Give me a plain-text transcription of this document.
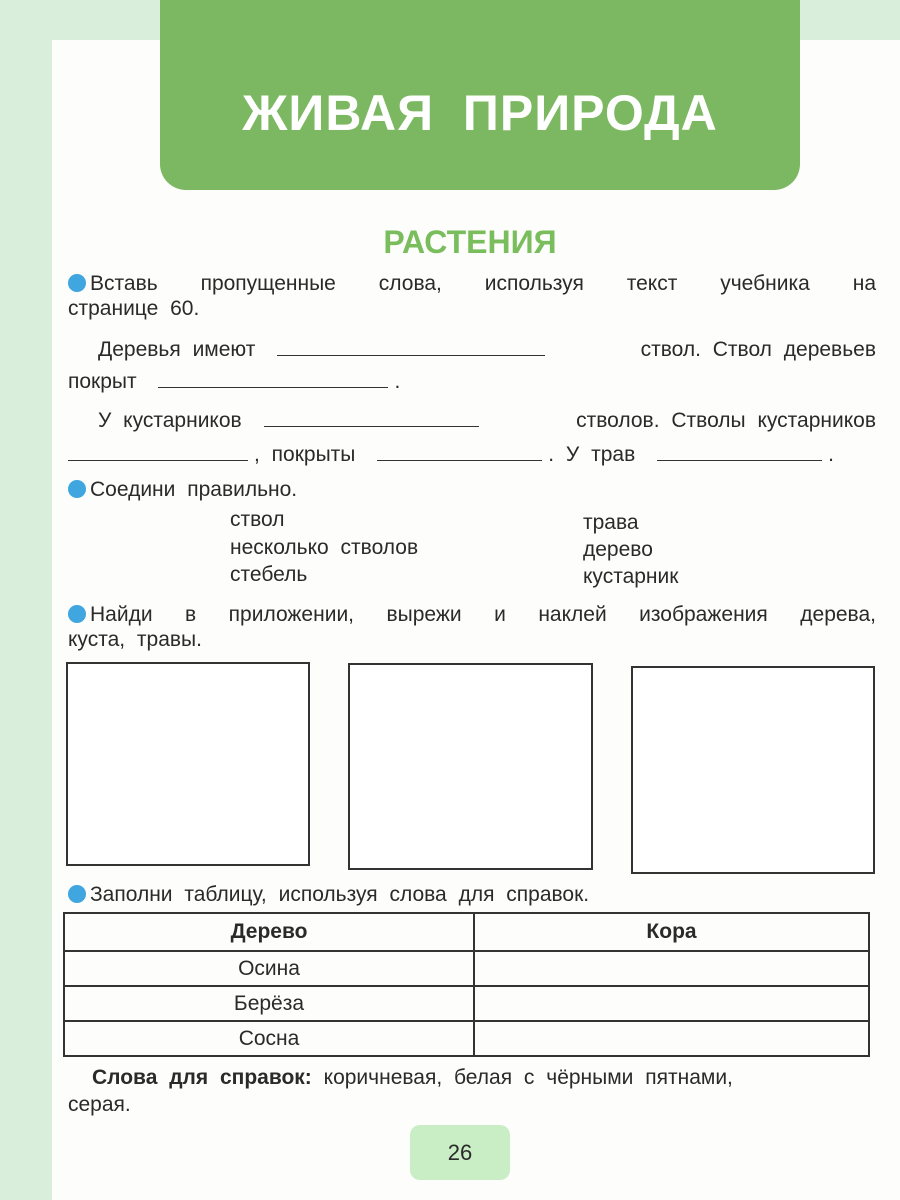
ЖИВАЯ ПРИРОДА
РАСТЕНИЯ
Вставь пропущенные слова, используя текст учебника на
странице 60.
Деревья имеют	ствол. Ствол деревьев
покрыт	.
У кустарников	стволов. Стволы кустарников
, покрыты	. У трав	.
Соедини правильно.
ствол
несколько стволов
стебель
трава
дерево
кустарник
Найди в приложении, вырежи и наклей изображения дерева,
куста, травы.
Заполни таблицу, используя слова для справок.
Дерево	Кора
Осина	
Берёза	
Сосна	
Слова для справок: коричневая, белая с чёрными пятнами,
серая.
26
